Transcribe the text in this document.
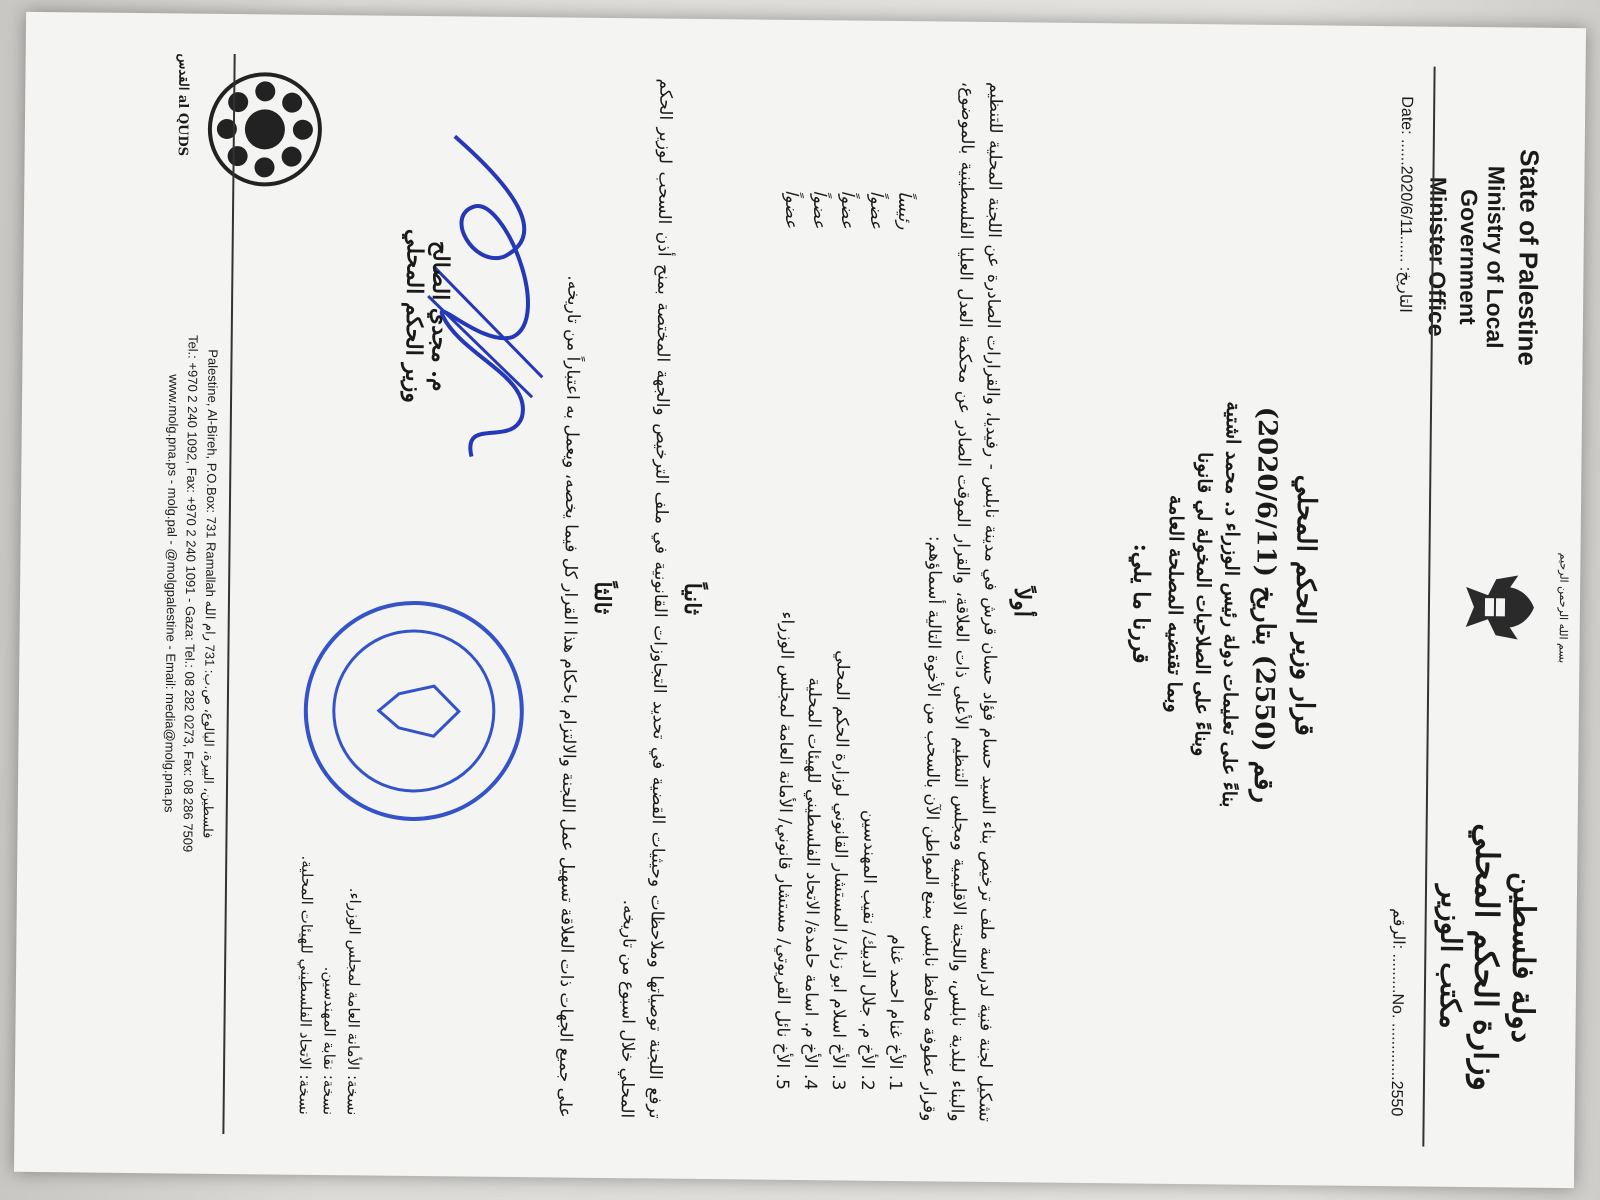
بسم الله الرحمن الرحيم
State of Palestine
Ministry of Local Government
Minister Office
دولة فلسطين
وزارة الحكم المحلي
مكتب الوزير
Date: ......2020/6/11...... :التاريخ
No. .............2550......... :الرقم
قرار وزير الحكم المحلي
رقم (2550) بتاريخ (2020/6/11)
بناءً على تعليمات دولة رئيس الوزراء د. محمد اشتية
وبناءً على الصلاحيات المخولة لي قانونا
وبما تقتضيه المصلحة العامة
قررنا ما يلي:
أولاً
تشكيل لجنة فنية لدراسة ملف ترخيص بناء السيد حسام فؤاد حسان قرش في مدينة نابلس - رفيديا، والقرارات الصادرة عن اللجنة المحلية للتنظيم والبناء لبلدية نابلس، واللجنة الاقليمية ومجلس التنظيم الأعلى ذات العلاقة، والقرار الموقت الصادر عن محكمة العدل العليا الفلسطينية بالموضوع، وقرار عطوفة محافظ نابلس بمنع المواطن الآن بالسحب من الأخوة التالية أسماؤهم:
1. الأخ غنام احمد غنام
رئيساً
2. الأخ م. جلال الدبيك/ نقيب المهندسين
عضواً
3. الأخ اسلام ابو زناد/ المستشار القانوني لوزارة الحكم المحلي
عضواً
4. الأخ م. اسامة حامدة/ الاتحاد الفلسطيني للهيئات المحلية
عضواً
5. الأخ نائل القريوتي/ مستشار قانوني/ الأمانة العامة لمجلس الوزراء
عضواً
ثانياً
ترفع اللجنة توصياتها وملاحظات وحيثيات القضية في تحديد التجاوزات القانونية في ملف الترخيص والجهة المختصة بمنح أذن السحب لوزير الحكم المحلي خلال اسبوع من تاريخه.
ثالثاً
على جميع الجهات ذات العلاقة تسهيل عمل اللجنة والالتزام باحكام هذا القرار كل فيما يخصه، ويعمل به اعتباراً من تاريخه.
م. مجدي الصالح
وزير الحكم المحلي
نسخة: الأمانة العامة لمجلس الوزراء.
نسخة: نقابة المهندسين.
نسخة: الاتحاد الفلسطيني للهيئات المحلية.
القدس al QUDS
Palestine, Al-Bireh, P.O.Box: 731 Ramallah فلسطين، البيرة، البالوع، ص.ب: 731 رام الله
Tel.: +970 2 240 1092, Fax: +970 2 240 1091 - Gaza: Tel.: 08 282 0273, Fax: 08 286 7509
www.molg.pna.ps - molg.pal - @molgpalestine - Email: media@molg.pna.ps
